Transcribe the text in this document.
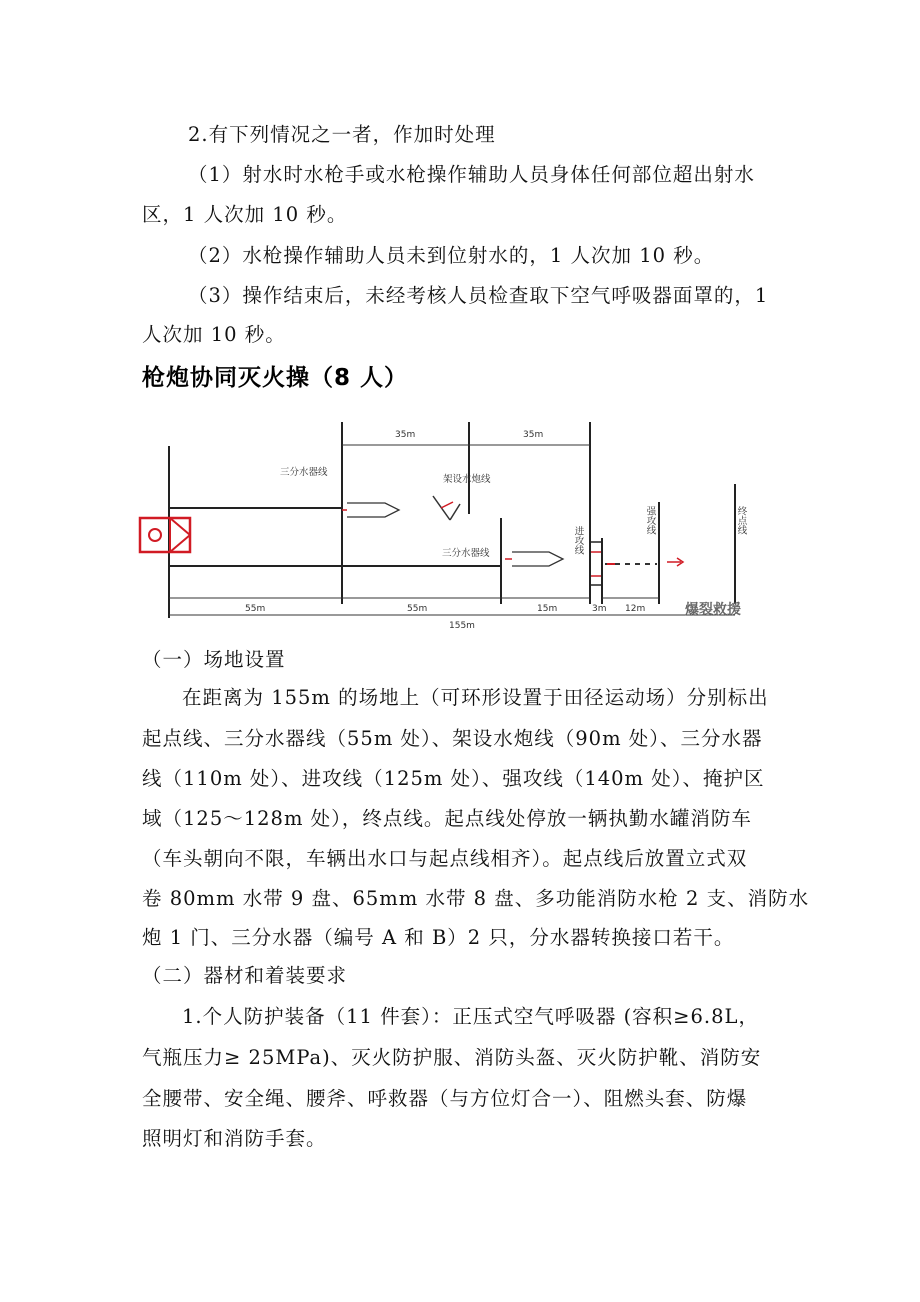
2.有下列情况之一者，作加时处理
（1）射水时水枪手或水枪操作辅助人员身体任何部位超出射水
区，1 人次加 10 秒。
（2）水枪操作辅助人员未到位射水的，1 人次加 10 秒。
（3）操作结束后，未经考核人员检查取下空气呼吸器面罩的，1
人次加 10 秒。
枪炮协同灭火操（8 人）
35m	35m
三分水器线
架设水炮线
三分水器线
55m	55m	15m	3m 12m
155m
爆裂救援
进攻线
强攻线	终点线
（一）场地设置
在距离为 155m 的场地上（可环形设置于田径运动场）分别标出
起点线、三分水器线（55m 处）、架设水炮线（90m 处）、三分水器
线（110m 处）、进攻线（125m 处）、强攻线（140m 处）、掩护区
域（125～128m 处），终点线。起点线处停放一辆执勤水罐消防车
（车头朝向不限，车辆出水口与起点线相齐）。起点线后放置立式双
卷 80mm 水带 9 盘、65mm 水带 8 盘、多功能消防水枪 2 支、消防水
炮 1 门、三分水器（编号 A 和 B）2 只，分水器转换接口若干。
（二）器材和着装要求
1.个人防护装备（11 件套）：正压式空气呼吸器 (容积≥6.8L，
气瓶压力≥ 25MPa)、灭火防护服、消防头盔、灭火防护靴、消防安
全腰带、安全绳、腰斧、呼救器（与方位灯合一）、阻燃头套、防爆
照明灯和消防手套。
